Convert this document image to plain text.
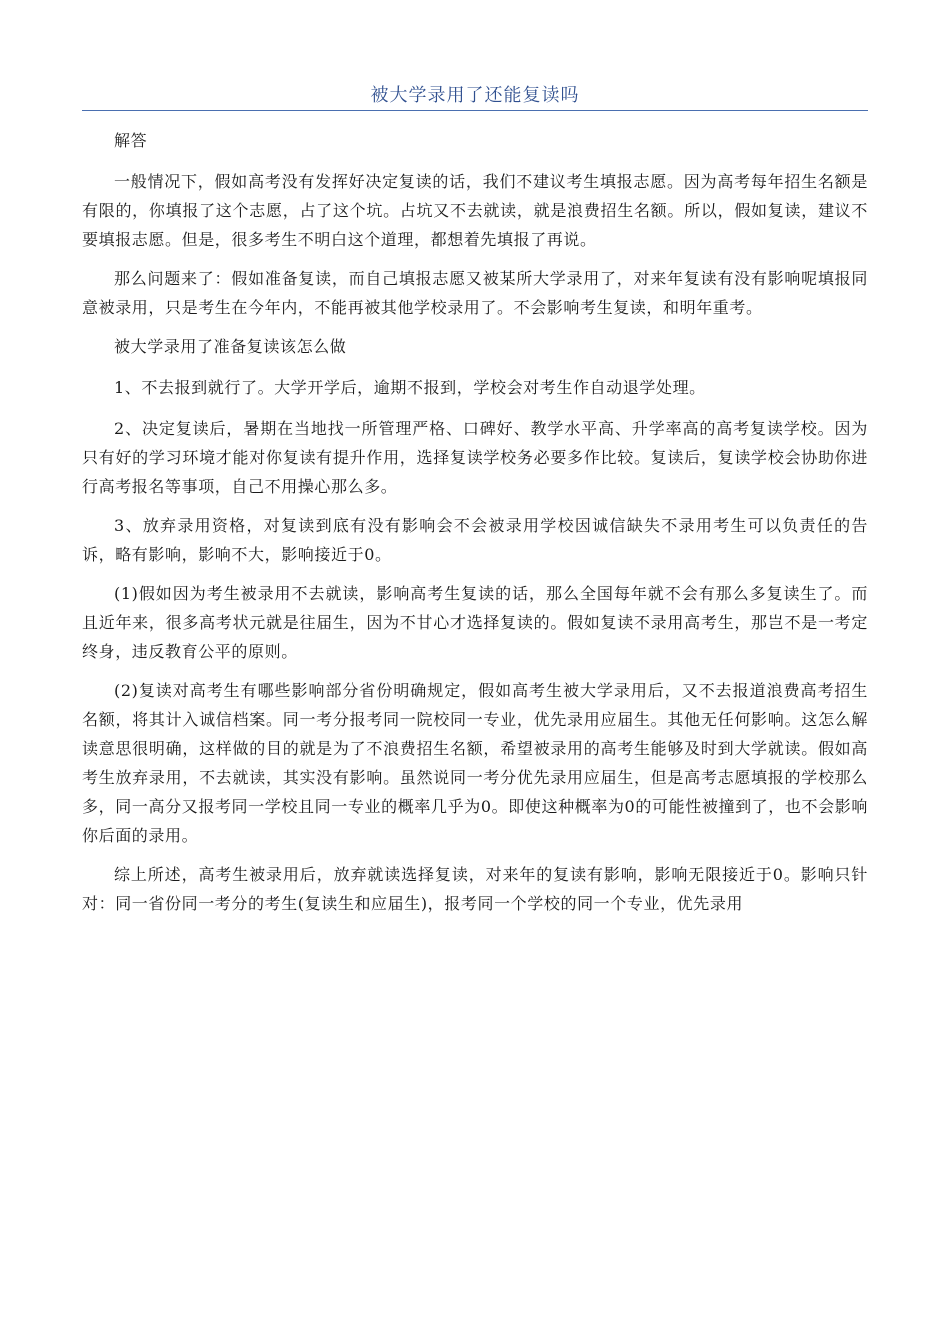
被大学录用了还能复读吗

解答

一般情况下，假如高考没有发挥好决定复读的话，我们不建议考生填报志愿。因为高考每年招生名额是有限的，你填报了这个志愿，占了这个坑。占坑又不去就读，就是浪费招生名额。所以，假如复读，建议不要填报志愿。但是，很多考生不明白这个道理，都想着先填报了再说。

那么问题来了：假如准备复读，而自己填报志愿又被某所大学录用了，对来年复读有没有影响呢填报同意被录用，只是考生在今年内，不能再被其他学校录用了。不会影响考生复读，和明年重考。

被大学录用了准备复读该怎么做

1、不去报到就行了。大学开学后，逾期不报到，学校会对考生作自动退学处理。

2、决定复读后，暑期在当地找一所管理严格、口碑好、教学水平高、升学率高的高考复读学校。因为只有好的学习环境才能对你复读有提升作用，选择复读学校务必要多作比较。复读后，复读学校会协助你进行高考报名等事项，自己不用操心那么多。

3、放弃录用资格，对复读到底有没有影响会不会被录用学校因诚信缺失不录用考生可以负责任的告诉，略有影响，影响不大，影响接近于0。

(1)假如因为考生被录用不去就读，影响高考生复读的话，那么全国每年就不会有那么多复读生了。而且近年来，很多高考状元就是往届生，因为不甘心才选择复读的。假如复读不录用高考生，那岂不是一考定终身，违反教育公平的原则。

(2)复读对高考生有哪些影响部分省份明确规定，假如高考生被大学录用后，又不去报道浪费高考招生名额，将其计入诚信档案。同一考分报考同一院校同一专业，优先录用应届生。其他无任何影响。这怎么解读意思很明确，这样做的目的就是为了不浪费招生名额，希望被录用的高考生能够及时到大学就读。假如高考生放弃录用，不去就读，其实没有影响。虽然说同一考分优先录用应届生，但是高考志愿填报的学校那么多，同一高分又报考同一学校且同一专业的概率几乎为0。即使这种概率为0的可能性被撞到了，也不会影响你后面的录用。

综上所述，高考生被录用后，放弃就读选择复读，对来年的复读有影响，影响无限接近于0。影响只针对：同一省份同一考分的考生(复读生和应届生)，报考同一个学校的同一个专业，优先录用
